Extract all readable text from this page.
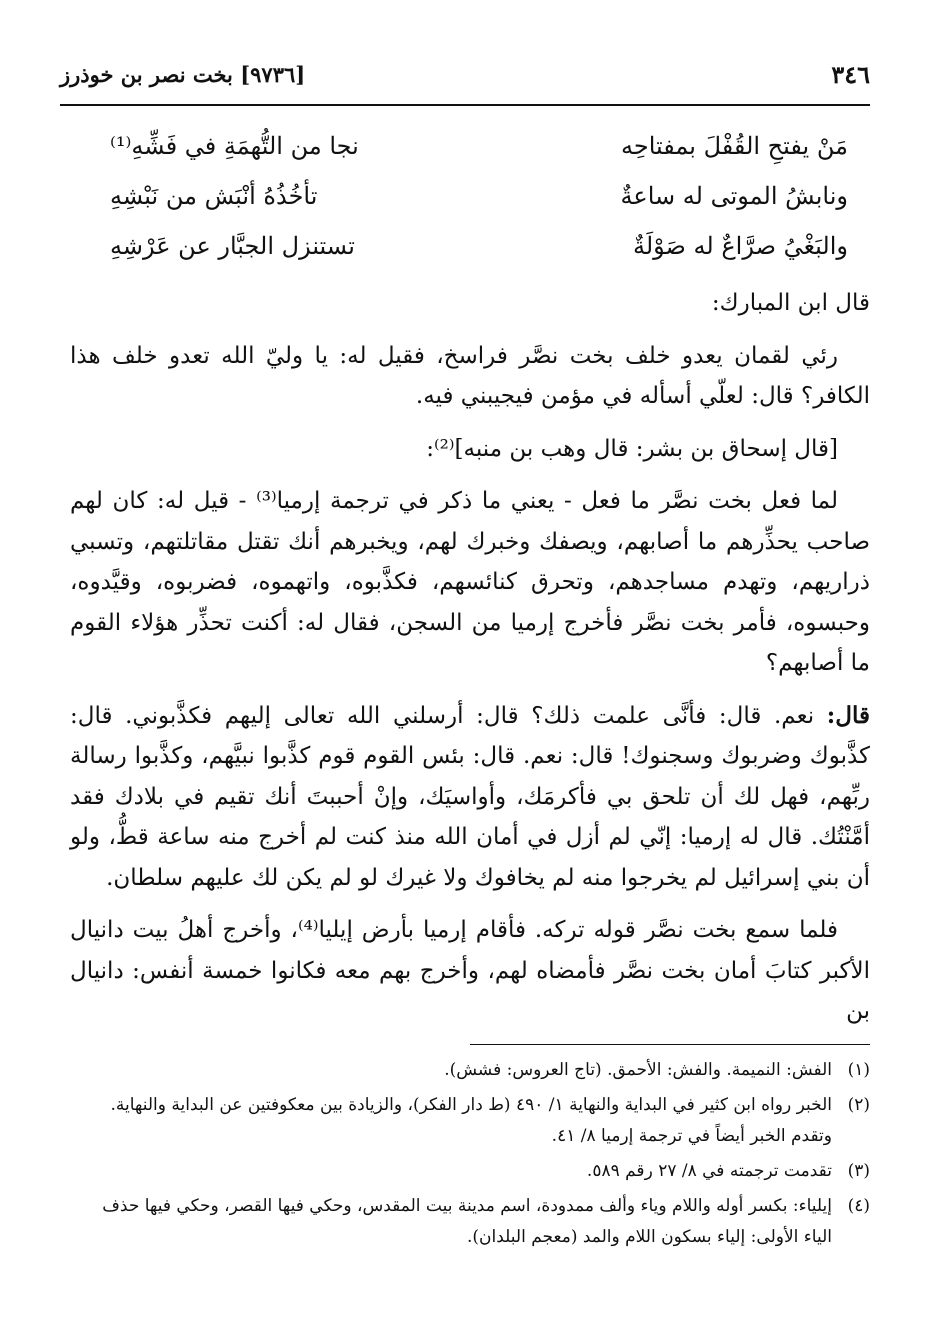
٣٤٦
[٩٧٣٦] بخت نصر بن خوذرز
مَنْ يفتحِ القُفْلَ بمفتاحِه
نجا من التُّهمَةِ في فَشِّهِ⁽¹⁾
ونابشُ الموتى له ساعةٌ
تأخُذُهُ أنْبَش من نَبْشِهِ
والبَغْيُ صرَّاعٌ له صَوْلَةٌ
تستنزل الجبَّار عن عَرْشِهِ

قال ابن المبارك:

رئي لقمان يعدو خلف بخت نصَّر فراسخ، فقيل له: يا وليّ الله تعدو خلف هذا الكافر؟ قال: لعلّي أسأله في مؤمن فيجيبني فيه.

[قال إسحاق بن بشر: قال وهب بن منبه]⁽²⁾:

لما فعل بخت نصَّر ما فعل - يعني ما ذكر في ترجمة إرميا⁽³⁾ - قيل له: كان لهم صاحب يحذِّرهم ما أصابهم، ويصفك وخبرك لهم، ويخبرهم أنك تقتل مقاتلتهم، وتسبي ذراريهم، وتهدم مساجدهم، وتحرق كنائسهم، فكذَّبوه، واتهموه، فضربوه، وقيَّدوه، وحبسوه، فأمر بخت نصَّر فأخرج إرميا من السجن، فقال له: أكنت تحذِّر هؤلاء القوم ما أصابهم؟

قال: نعم. قال: فأنَّى علمت ذلك؟ قال: أرسلني الله تعالى إليهم فكذَّبوني. قال: كذَّبوك وضربوك وسجنوك! قال: نعم. قال: بئس القوم قوم كذَّبوا نبيَّهم، وكذَّبوا رسالة ربِّهم، فهل لك أن تلحق بي فأكرمَك، وأواسيَك، وإنْ أحببتَ أنك تقيم في بلادك فقد أمَّنْتُك. قال له إرميا: إنّي لم أزل في أمان الله منذ كنت لم أخرج منه ساعة قطُّ، ولو أن بني إسرائيل لم يخرجوا منه لم يخافوك ولا غيرك لو لم يكن لك عليهم سلطان.

فلما سمع بخت نصَّر قوله تركه. فأقام إرميا بأرض إيليا⁽⁴⁾، وأخرج أهلُ بيت دانيال الأكبر كتابَ أمان بخت نصَّر فأمضاه لهم، وأخرج بهم معه فكانوا خمسة أنفس: دانيال بن

(١)
الفش: النميمة. والفش: الأحمق. (تاج العروس: فشش).
(٢)
الخبر رواه ابن كثير في البداية والنهاية ١/ ٤٩٠ (ط دار الفكر)، والزيادة بين معكوفتين عن البداية والنهاية. وتقدم الخبر أيضاً في ترجمة إرميا ٨/ ٤١.
(٣)
تقدمت ترجمته في ٨/ ٢٧ رقم ٥٨٩.
(٤)
إيلياء: بكسر أوله واللام وياء وألف ممدودة، اسم مدينة بيت المقدس، وحكي فيها القصر، وحكي فيها حذف الياء الأولى: إلياء بسكون اللام والمد (معجم البلدان).
